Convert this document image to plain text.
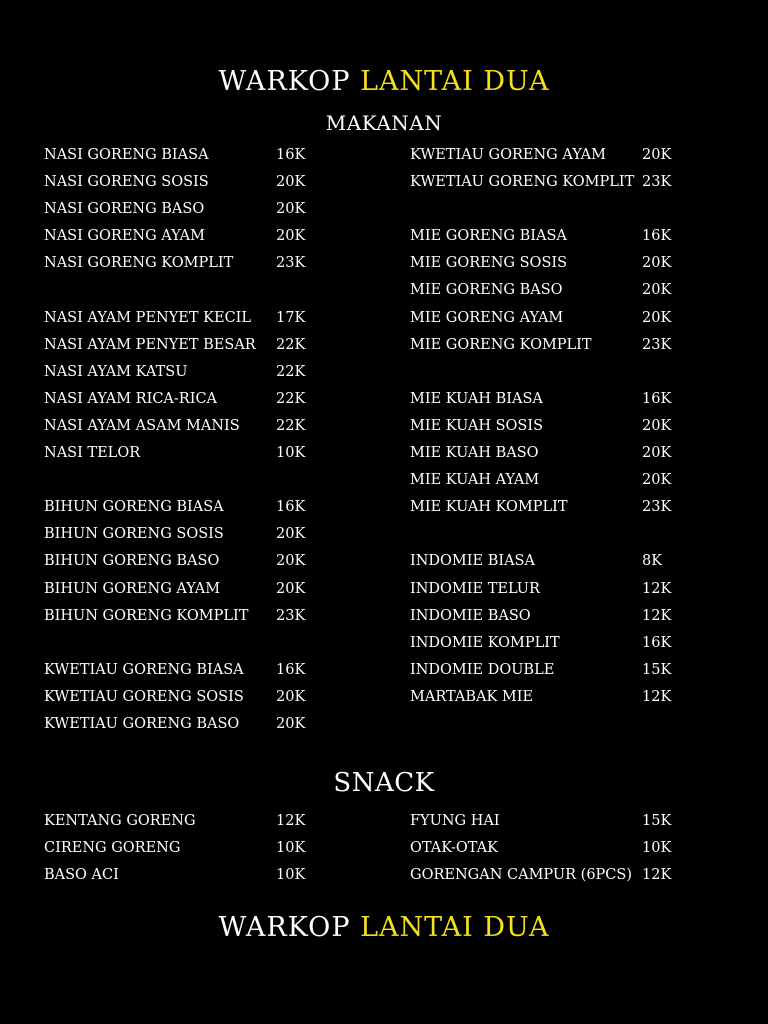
WARKOP LANTAI DUA
MAKANAN
NASI GORENG BIASA	16K
NASI GORENG SOSIS	20K
NASI GORENG BASO	20K
NASI GORENG AYAM	20K
NASI GORENG KOMPLIT	23K
NASI AYAM PENYET KECIL 17K
NASI AYAM PENYET BESAR 22K
NASI AYAM KATSU	22K
NASI AYAM RICA-RICA	22K
NASI AYAM ASAM MANIS	22K
NASI TELOR	10K
BIHUN GORENG BIASA	16K
BIHUN GORENG SOSIS	20K
BIHUN GORENG BASO	20K
BIHUN GORENG AYAM	20K
BIHUN GORENG KOMPLIT 23K
KWETIAU GORENG BIASA 16K
KWETIAU GORENG SOSIS 20K
KWETIAU GORENG BASO	20K
KWETIAU GORENG AYAM 20K
KWETIAU GORENG KOMPLIT 23K
MIE GORENG BIASA	16K
MIE GORENG SOSIS	20K
MIE GORENG BASO	20K
MIE GORENG AYAM	20K
MIE GORENG KOMPLIT	23K
MIE KUAH BIASA	16K
MIE KUAH SOSIS	20K
MIE KUAH BASO	20K
MIE KUAH AYAM	20K
MIE KUAH KOMPLIT	23K
INDOMIE BIASA	8K
INDOMIE TELUR	12K
INDOMIE BASO	12K
INDOMIE KOMPLIT	16K
INDOMIE DOUBLE	15K
MARTABAK MIE	12K
SNACK
KENTANG GORENG	12K
CIRENG GORENG	10K
BASO ACI	10K
FYUNG HAI	15K
OTAK-OTAK	10K
GORENGAN CAMPUR (6PCS) 12K
WARKOP LANTAI DUA
